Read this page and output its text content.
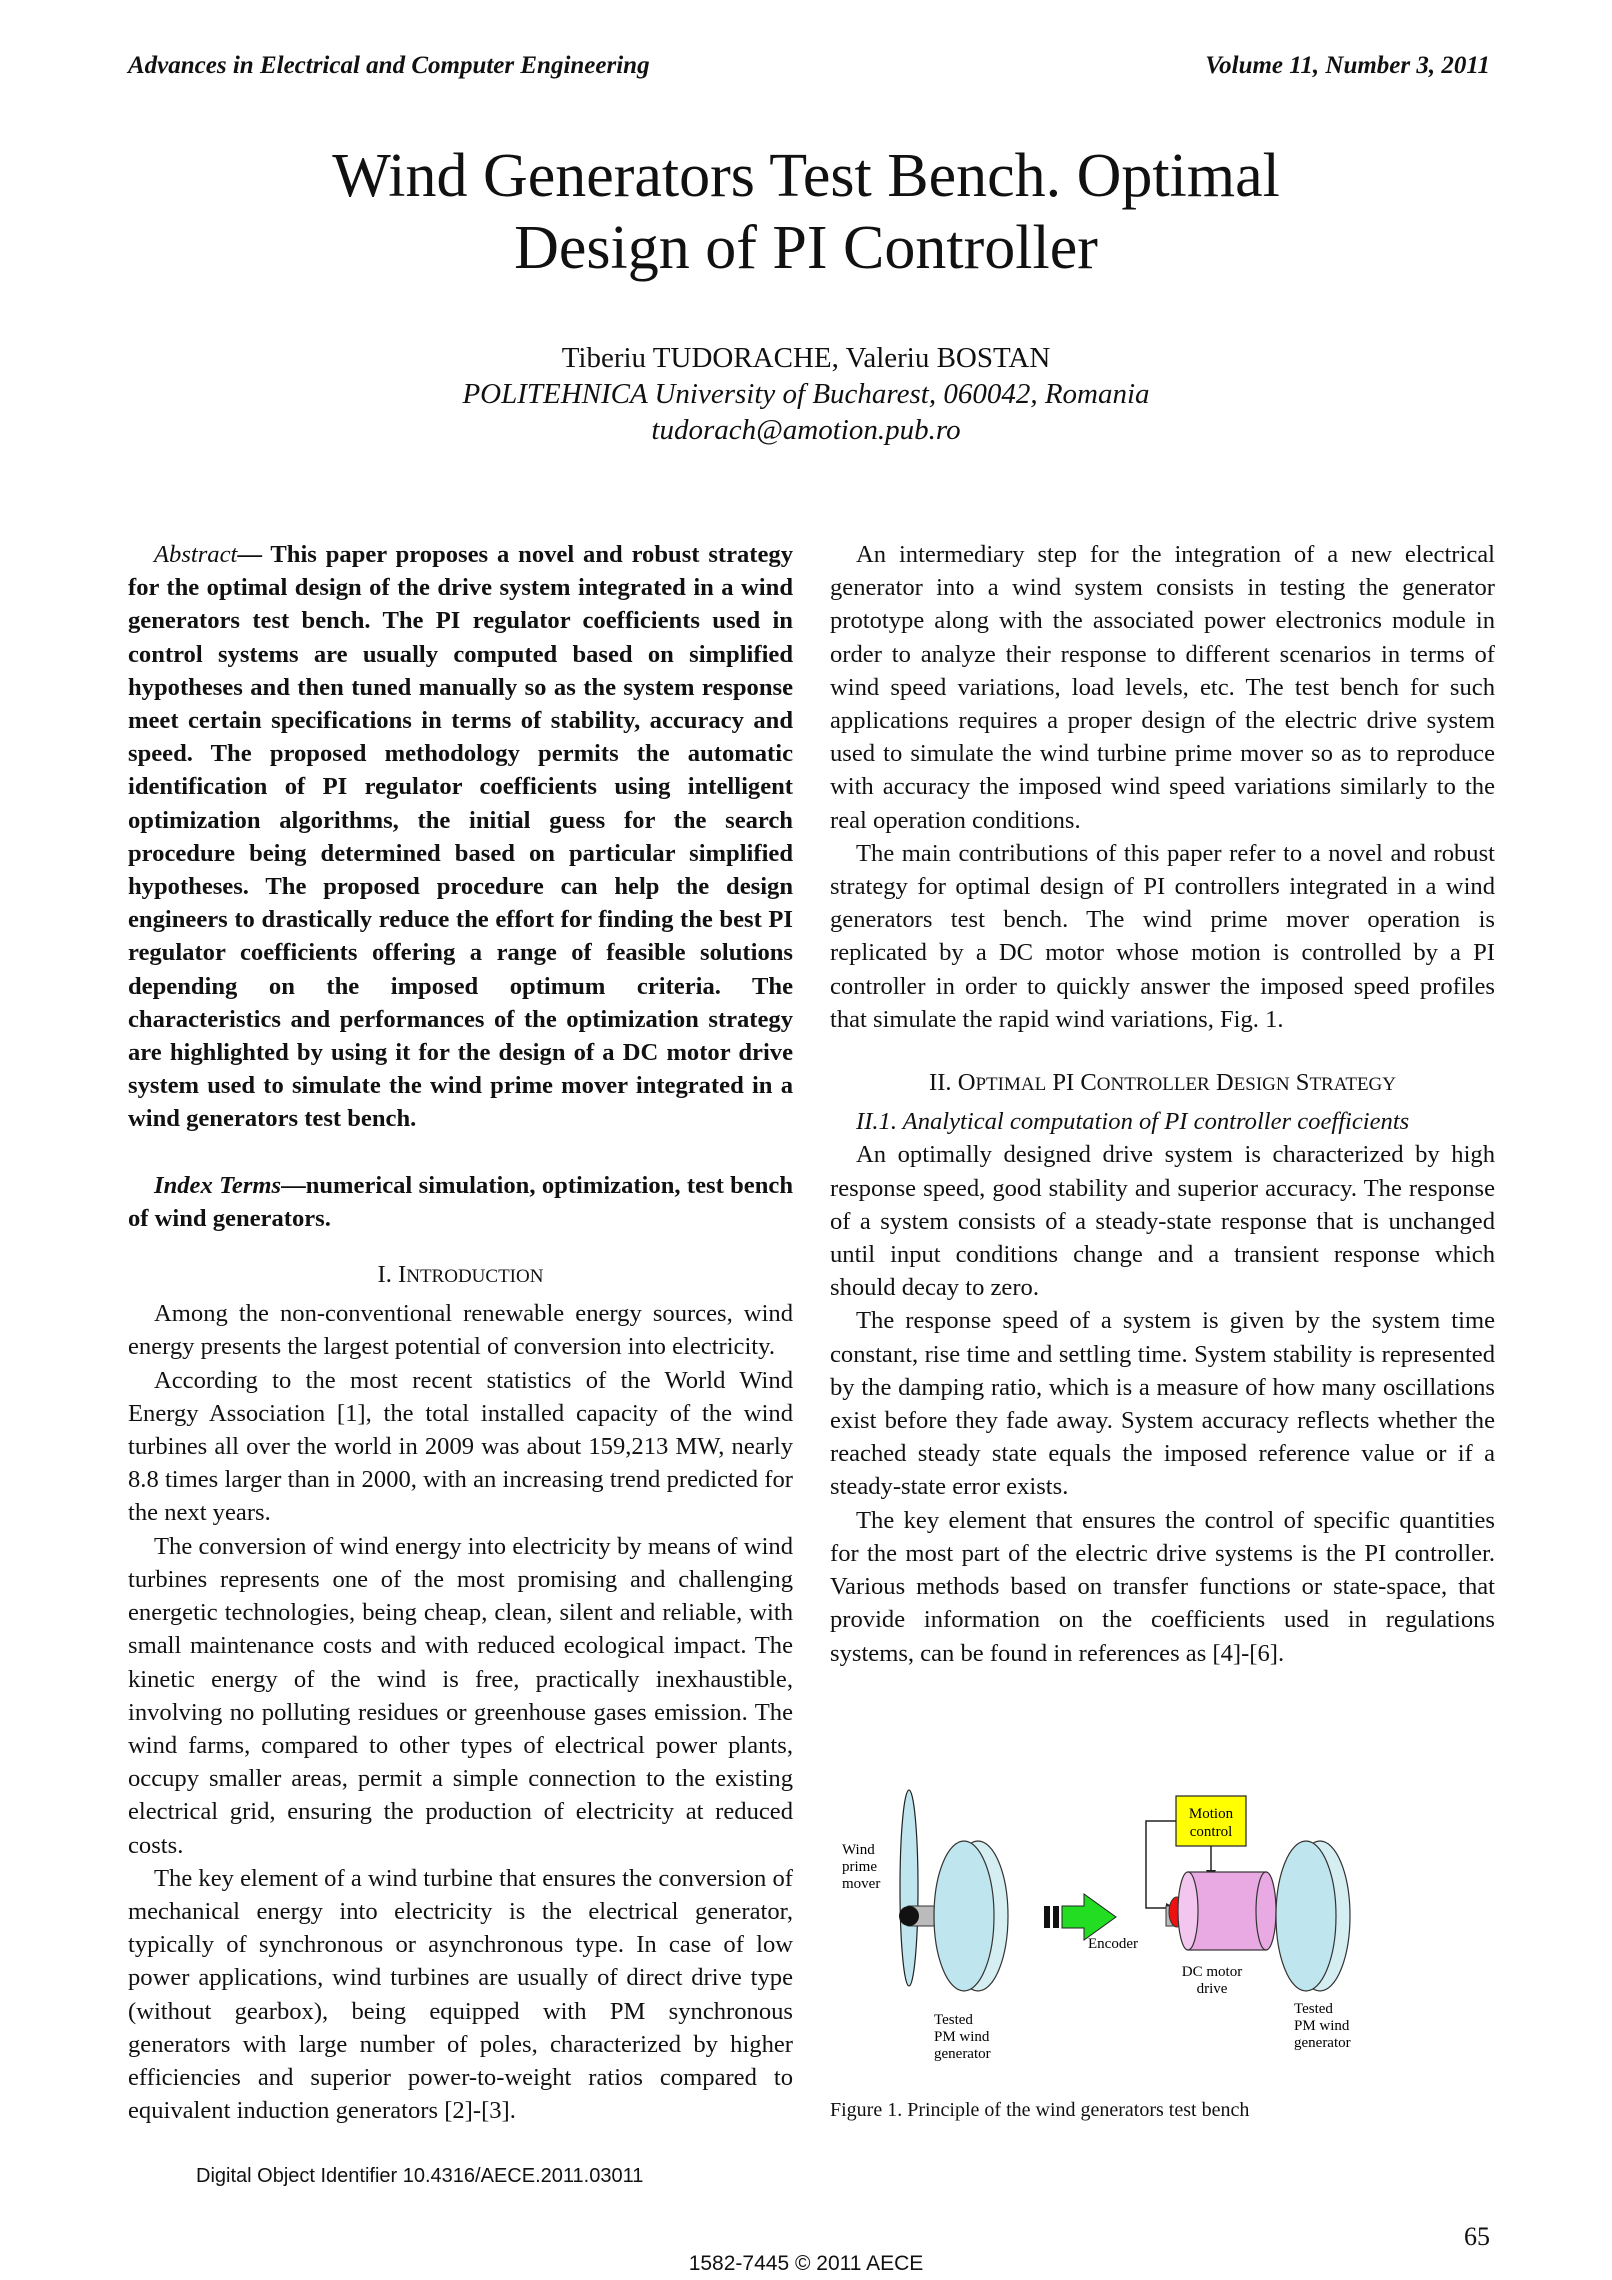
Advances in Electrical and Computer Engineering	Volume 11, Number 3, 2011
Wind Generators Test Bench. Optimal
Design of PI Controller
Tiberiu TUDORACHE, Valeriu BOSTAN
POLITEHNICA University of Bucharest, 060042, Romania
tudorach@amotion.pub.ro

Abstract— This paper proposes a novel and robust strategy for the optimal design of the drive system integrated in a wind generators test bench. The PI regulator coefficients used in control systems are usually computed based on simplified hypotheses and then tuned manually so as the system response meet certain specifications in terms of stability, accuracy and speed. The proposed methodology permits the automatic identification of PI regulator coefficients using intelligent optimization algorithms, the initial guess for the search procedure being determined based on particular simplified hypotheses. The proposed procedure can help the design engineers to drastically reduce the effort for finding the best PI regulator coefficients offering a range of feasible solutions depending on the imposed optimum criteria. The characteristics and performances of the optimization strategy are highlighted by using it for the design of a DC motor drive system used to simulate the wind prime mover integrated in a wind generators test bench.

Index Terms—numerical simulation, optimization, test bench of wind generators.

I. INTRODUCTION

Among the non-conventional renewable energy sources, wind energy presents the largest potential of conversion into electricity.

According to the most recent statistics of the World Wind Energy Association [1], the total installed capacity of the wind turbines all over the world in 2009 was about 159,213 MW, nearly 8.8 times larger than in 2000, with an increasing trend predicted for the next years.

The conversion of wind energy into electricity by means of wind turbines represents one of the most promising and challenging energetic technologies, being cheap, clean, silent and reliable, with small maintenance costs and with reduced ecological impact. The kinetic energy of the wind is free, practically inexhaustible, involving no polluting residues or greenhouse gases emission. The wind farms, compared to other types of electrical power plants, occupy smaller areas, permit a simple connection to the existing electrical grid, ensuring the production of electricity at reduced costs.

The key element of a wind turbine that ensures the conversion of mechanical energy into electricity is the electrical generator, typically of synchronous or asynchronous type. In case of low power applications, wind turbines are usually of direct drive type (without gearbox), being equipped with PM synchronous generators with large number of poles, characterized by higher efficiencies and superior power-to-weight ratios compared to equivalent induction generators [2]-[3].

An intermediary step for the integration of a new electrical generator into a wind system consists in testing the generator prototype along with the associated power electronics module in order to analyze their response to different scenarios in terms of wind speed variations, load levels, etc. The test bench for such applications requires a proper design of the electric drive system used to simulate the wind turbine prime mover so as to reproduce with accuracy the imposed wind speed variations similarly to the real operation conditions.

The main contributions of this paper refer to a novel and robust strategy for optimal design of PI controllers integrated in a wind generators test bench. The wind prime mover operation is replicated by a DC motor whose motion is controlled by a PI controller in order to quickly answer the imposed speed profiles that simulate the rapid wind variations, Fig. 1.

II. OPTIMAL PI CONTROLLER DESIGN STRATEGY

II.1. Analytical computation of PI controller coefficients

An optimally designed drive system is characterized by high response speed, good stability and superior accuracy. The response of a system consists of a steady-state response that is unchanged until input conditions change and a transient response which should decay to zero.

The response speed of a system is given by the system time constant, rise time and settling time. System stability is represented by the damping ratio, which is a measure of how many oscillations exist before they fade away. System accuracy reflects whether the reached steady state equals the imposed reference value or if a steady-state error exists.

The key element that ensures the control of specific quantities for the most part of the electric drive systems is the PI controller. Various methods based on transfer functions or state-space, that provide information on the coefficients used in regulations systems, can be found in references as [4]-[6].

Wind
prime
mover
Tested
PM wind
generator
Motion
control
Encoder
DC motor
drive
Tested
PM wind
generator
Figure 1. Principle of the wind generators test bench
Digital Object Identifier 10.4316/AECE.2011.03011
65
1582-7445 © 2011 AECE
